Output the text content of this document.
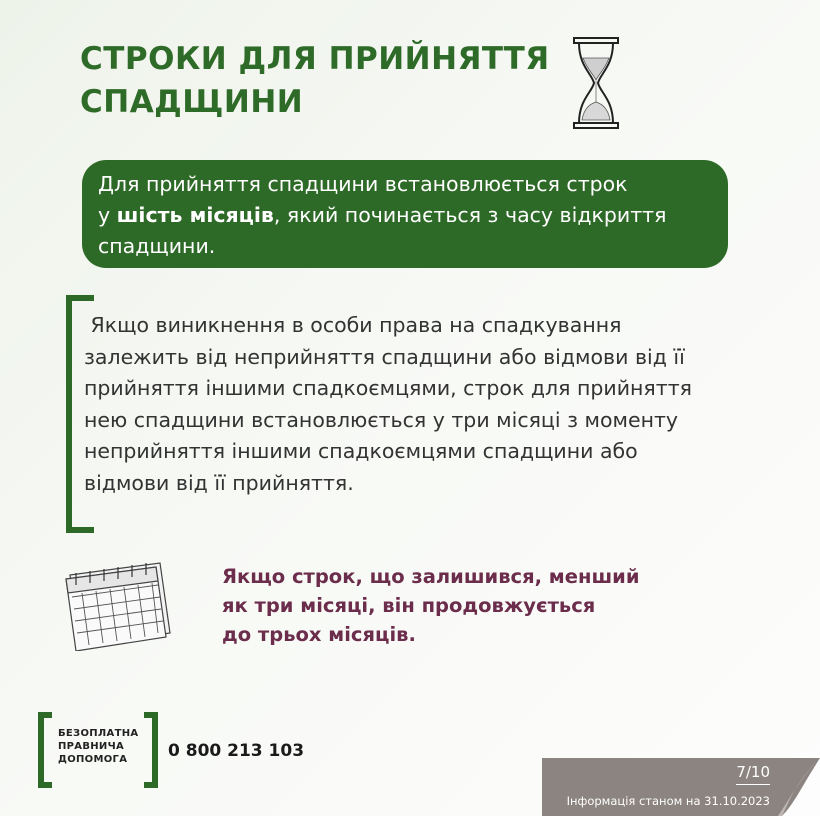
СТРОКИ ДЛЯ ПРИЙНЯТТЯ СПАДЩИНИ
Для прийняття спадщини встановлюється строк
у шість місяців, який починається з часу відкриття
спадщини.
Якщо виникнення в особи права на спадкування
залежить від неприйняття спадщини або відмови від її
прийняття іншими спадкоємцями, строк для прийняття
нею спадщини встановлюється у три місяці з моменту
неприйняття іншими спадкоємцями спадщини або
відмови від її прийняття.
Якщо строк, що залишився, менший
як три місяці, він продовжується
до трьох місяців.
БЕЗОПЛАТНА
ПРАВНИЧА
ДОПОМОГА	0 800 213 103
7/10
Інформація станом на 31.10.2023
